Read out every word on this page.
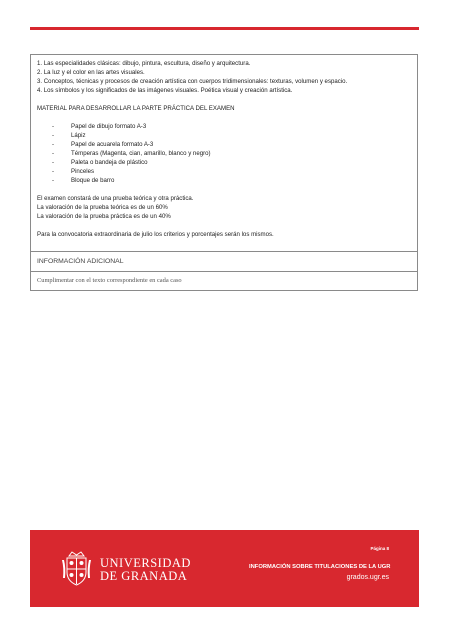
1. Las especialidades clásicas: dibujo, pintura, escultura, diseño y arquitectura.
2. La luz y el color en las artes visuales.
3. Conceptos, técnicas y procesos de creación artística con cuerpos tridimensionales: texturas, volumen y espacio.
4. Los símbolos y los significados de las imágenes visuales. Poética visual y creación artística.
MATERIAL PARA DESARROLLAR LA PARTE PRÁCTICA DEL EXAMEN
- Papel de dibujo formato A-3
- Lápiz
- Papel de acuarela formato A-3
- Témperas (Magenta, cian, amarillo, blanco y negro)
- Paleta o bandeja de plástico
- Pinceles
- Bloque de barro
El examen constará de una prueba teórica y otra práctica.
La valoración de la prueba teórica es de un 60%
La valoración de la prueba práctica es de un 40%
Para la convocatoria extraordinaria de julio los criterios y porcentajes serán los mismos.
INFORMACIÓN ADICIONAL
Cumplimentar con el texto correspondiente en cada caso
UNIVERSIDAD
DE GRANADA
Página 8
INFORMACIÓN SOBRE TITULACIONES DE LA UGR
grados.ugr.es
